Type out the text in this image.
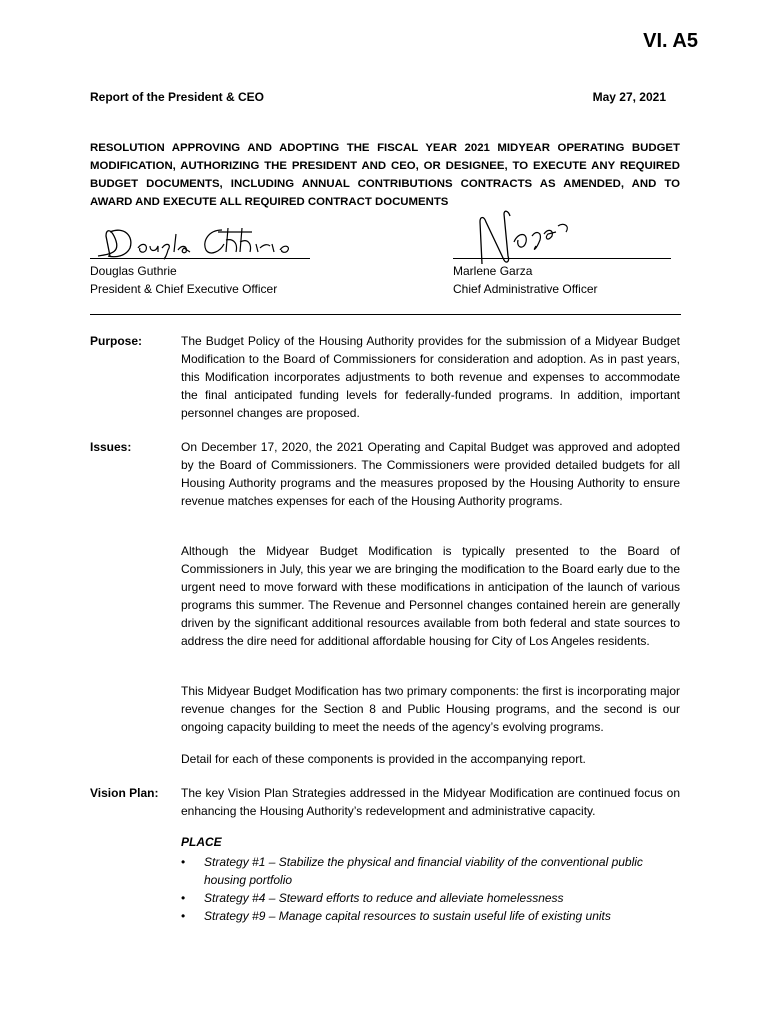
VI. A5
Report of the President & CEO	May 27, 2021
RESOLUTION APPROVING AND ADOPTING THE FISCAL YEAR 2021 MIDYEAR OPERATING BUDGET MODIFICATION, AUTHORIZING THE PRESIDENT AND CEO, OR DESIGNEE, TO EXECUTE ANY REQUIRED BUDGET DOCUMENTS, INCLUDING ANNUAL CONTRIBUTIONS CONTRACTS AS AMENDED, AND TO AWARD AND EXECUTE ALL REQUIRED CONTRACT DOCUMENTS
Douglas Guthrie
President & Chief Executive Officer
Marlene Garza
Chief Administrative Officer
Purpose:	The Budget Policy of the Housing Authority provides for the submission of a Midyear Budget Modification to the Board of Commissioners for consideration and adoption. As in past years, this Modification incorporates adjustments to both revenue and expenses to accommodate the final anticipated funding levels for federally-funded programs. In addition, important personnel changes are proposed.

Issues:	On December 17, 2020, the 2021 Operating and Capital Budget was approved and adopted by the Board of Commissioners. The Commissioners were provided detailed budgets for all Housing Authority programs and the measures proposed by the Housing Authority to ensure revenue matches expenses for each of the Housing Authority programs.

Although the Midyear Budget Modification is typically presented to the Board of Commissioners in July, this year we are bringing the modification to the Board early due to the urgent need to move forward with these modifications in anticipation of the launch of various programs this summer. The Revenue and Personnel changes contained herein are generally driven by the significant additional resources available from both federal and state sources to address the dire need for additional affordable housing for City of Los Angeles residents.

This Midyear Budget Modification has two primary components: the first is incorporating major revenue changes for the Section 8 and Public Housing programs, and the second is our ongoing capacity building to meet the needs of the agency’s evolving programs.

Detail for each of these components is provided in the accompanying report.

Vision Plan: The key Vision Plan Strategies addressed in the Midyear Modification are continued focus on enhancing the Housing Authority’s redevelopment and administrative capacity.

PLACE
• Strategy #1 – Stabilize the physical and financial viability of the conventional public housing portfolio
• Strategy #4 – Steward efforts to reduce and alleviate homelessness
• Strategy #9 – Manage capital resources to sustain useful life of existing units
